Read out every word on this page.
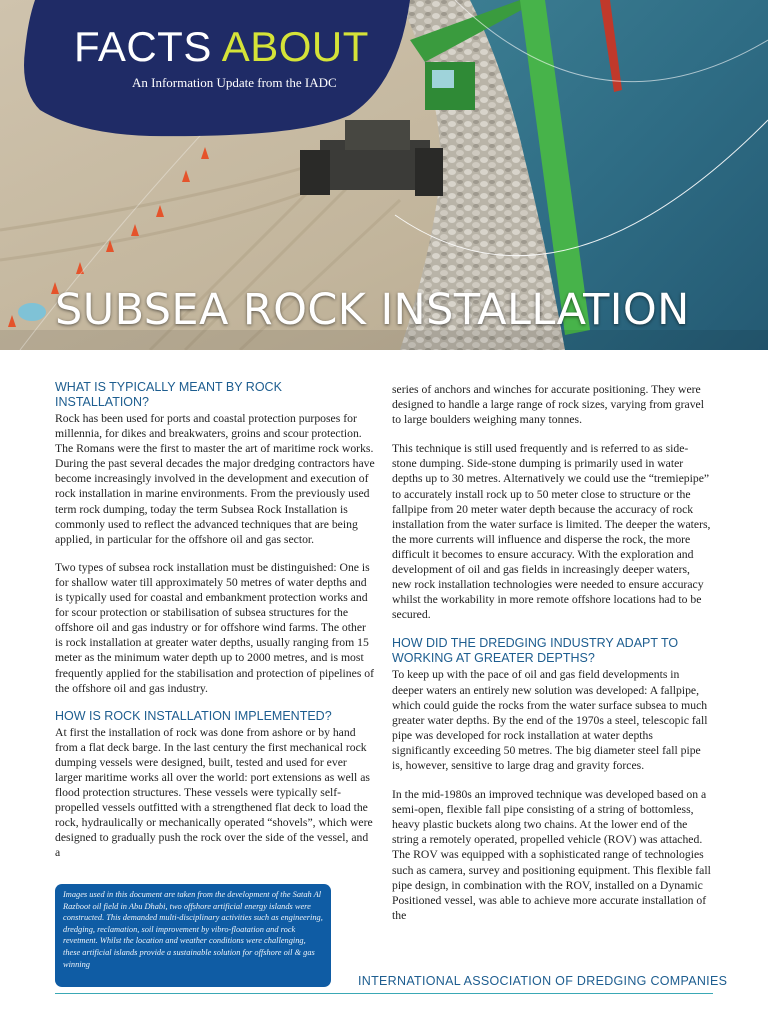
FACTS ABOUT
An Information Update from the IADC
SUBSEA ROCK INSTALLATION
WHAT IS TYPICALLY MEANT BY ROCK INSTALLATION?

Rock has been used for ports and coastal protection purposes for millennia, for dikes and breakwaters, groins and scour protection. The Romans were the first to master the art of maritime rock works. During the past several decades the major dredging contractors have become increasingly involved in the development and execution of rock installation in marine environments. From the previously used term rock dumping, today the term Subsea Rock Installation is commonly used to reflect the advanced techniques that are being applied, in particular for the offshore oil and gas sector.

Two types of subsea rock installation must be distinguished: One is for shallow water till approximately 50 metres of water depths and is typically used for coastal and embankment protection works and for scour protection or stabilisation of subsea structures for the offshore oil and gas industry or for offshore wind farms. The other is rock installation at greater water depths, usually ranging from 15 meter as the minimum water depth up to 2000 metres, and is most frequently applied for the stabilisation and protection of pipelines of the offshore oil and gas industry.

HOW IS ROCK INSTALLATION IMPLEMENTED?

At first the installation of rock was done from ashore or by hand from a flat deck barge. In the last century the first mechanical rock dumping vessels were designed, built, tested and used for ever larger maritime works all over the world: port extensions as well as flood protection structures. These vessels were typically self-propelled vessels outfitted with a strengthened flat deck to load the rock, hydraulically or mechanically operated “shovels”, which were designed to gradually push the rock over the side of the vessel, and a

Images used in this document are taken from the development of the Satah Al Razboot oil field in Abu Dhabi, two offshore artificial energy islands were constructed. This demanded multi-disciplinary activities such as engineering, dredging, reclamation, soil improvement by vibro-floatation and rock revetment. Whilst the location and weather conditions were challenging, these artificial islands provide a sustainable solution for offshore oil & gas winning

series of anchors and winches for accurate positioning. They were designed to handle a large range of rock sizes, varying from gravel to large boulders weighing many tonnes.

This technique is still used frequently and is referred to as side-stone dumping. Side-stone dumping is primarily used in water depths up to 30 metres. Alternatively we could use the “tremiepipe” to accurately install rock up to 50 meter close to structure or the fallpipe from 20 meter water depth because the accuracy of rock installation from the water surface is limited. The deeper the waters, the more currents will influence and disperse the rock, the more difficult it becomes to ensure accuracy. With the exploration and development of oil and gas fields in increasingly deeper waters, new rock installation technologies were needed to ensure accuracy whilst the workability in more remote offshore locations had to be secured.

HOW DID THE DREDGING INDUSTRY ADAPT TO WORKING AT GREATER DEPTHS?

To keep up with the pace of oil and gas field developments in deeper waters an entirely new solution was developed: A fallpipe, which could guide the rocks from the water surface subsea to much greater water depths. By the end of the 1970s a steel, telescopic fall pipe was developed for rock installation at water depths significantly exceeding 50 metres. The big diameter steel fall pipe is, however, sensitive to large drag and gravity forces.

In the mid-1980s an improved technique was developed based on a semi-open, flexible fall pipe consisting of a string of bottomless, heavy plastic buckets along two chains. At the lower end of the string a remotely operated, propelled vehicle (ROV) was attached. The ROV was equipped with a sophisticated range of technologies such as camera, survey and positioning equipment. This flexible fall pipe design, in combination with the ROV, installed on a Dynamic Positioned vessel, was able to achieve more accurate installation of the

INTERNATIONAL ASSOCIATION OF DREDGING COMPANIES
